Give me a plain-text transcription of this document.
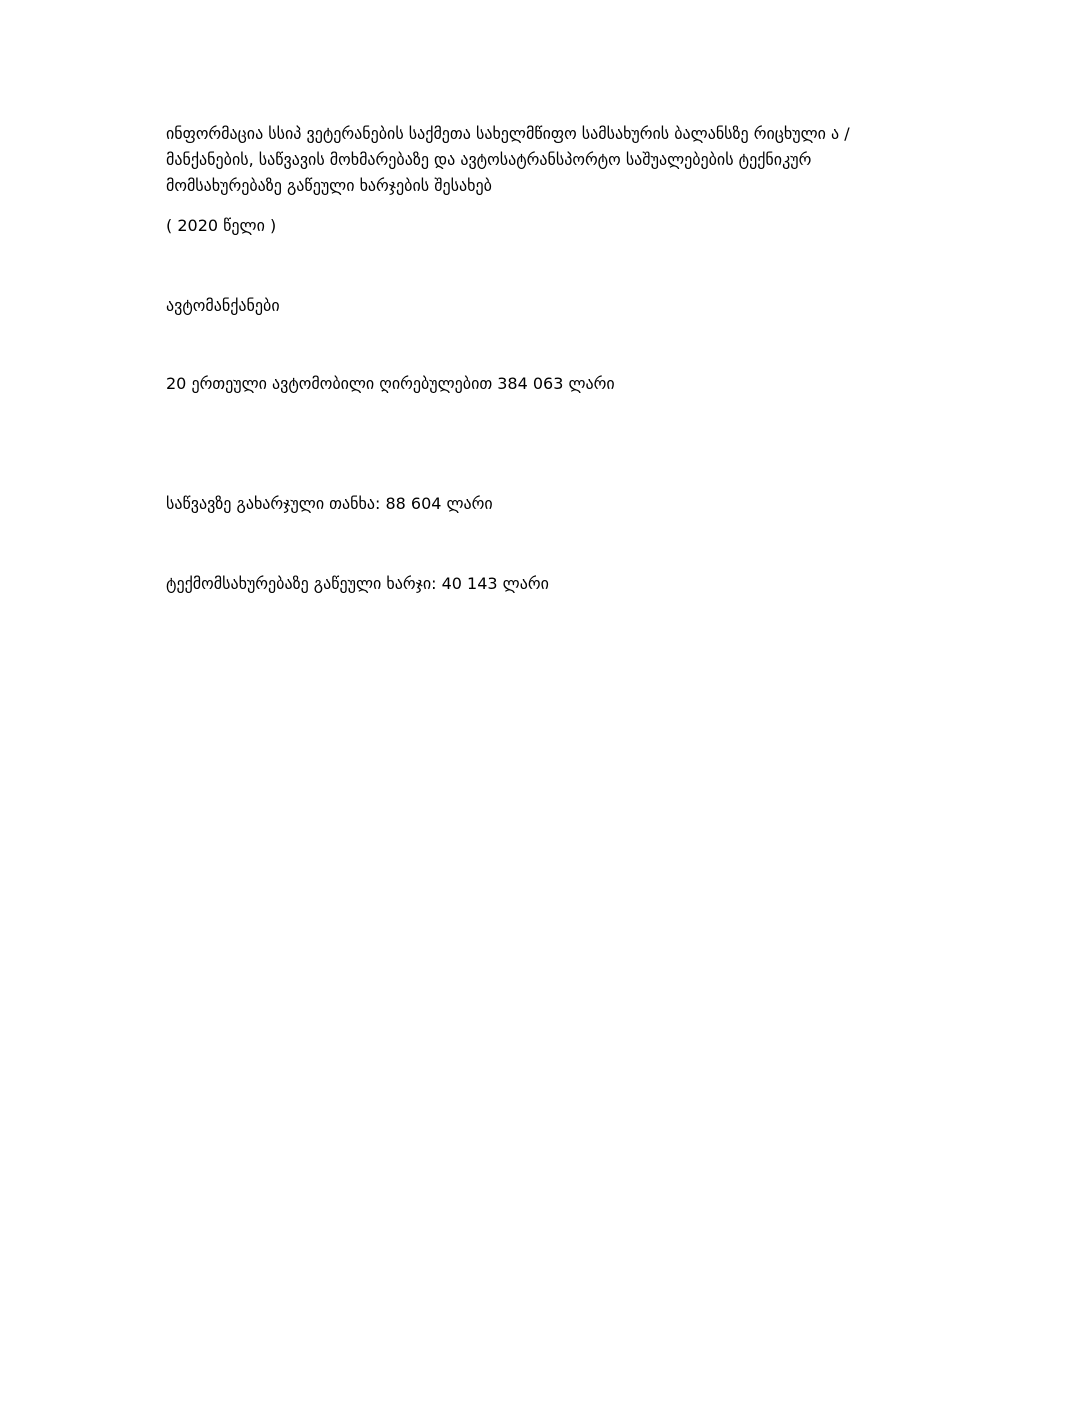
ინფორმაცია სსიპ ვეტერანების საქმეთა სახელმწიფო სამსახურის ბალანსზე რიცხული ა /

მანქანების, საწვავის მოხმარებაზე და ავტოსატრანსპორტო საშუალებების ტექნიკურ

მომსახურებაზე გაწეული ხარჯების შესახებ

( 2020 წელი )

ავტომანქანები

20 ერთეული ავტომობილი ღირებულებით 384 063 ლარი

საწვავზე გახარჯული თანხა: 88 604 ლარი

ტექმომსახურებაზე გაწეული ხარჯი: 40 143 ლარი
